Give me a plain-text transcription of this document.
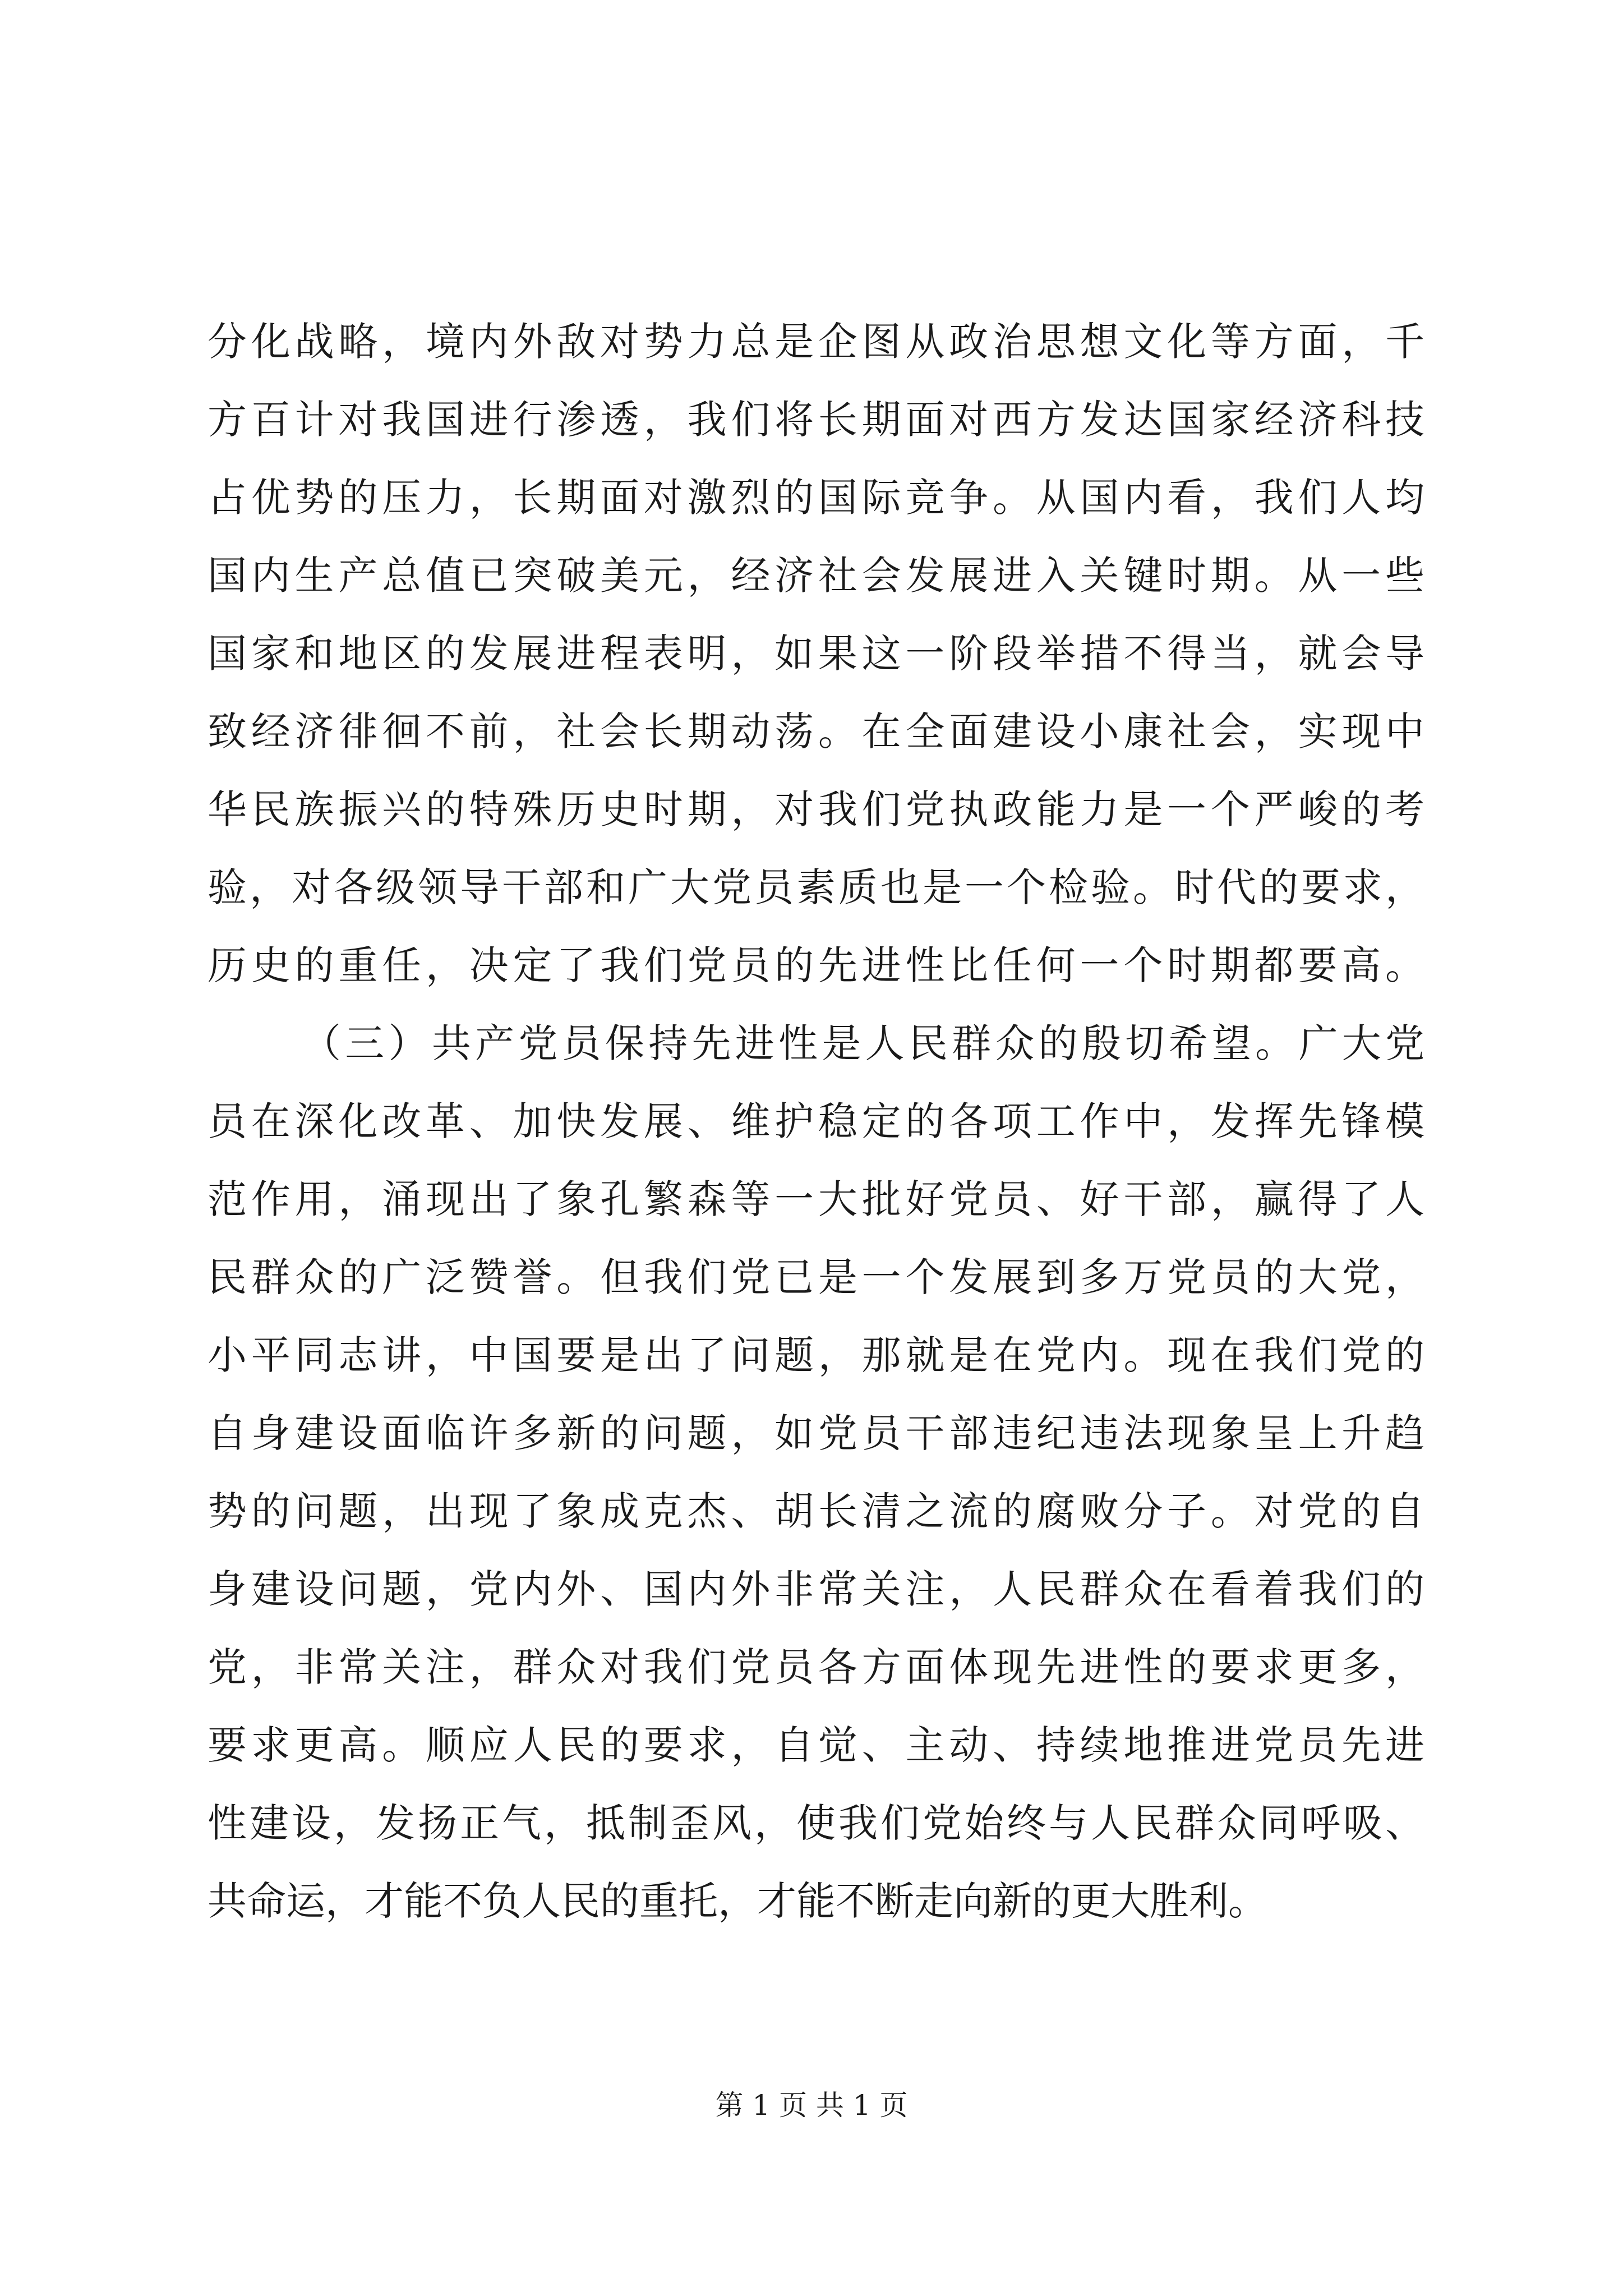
分化战略，境内外敌对势力总是企图从政治思想文化等方面，千
方百计对我国进行渗透，我们将长期面对西方发达国家经济科技
占优势的压力，长期面对激烈的国际竞争。从国内看，我们人均
国内生产总值已突破美元，经济社会发展进入关键时期。从一些
国家和地区的发展进程表明，如果这一阶段举措不得当，就会导
致经济徘徊不前，社会长期动荡。在全面建设小康社会，实现中
华民族振兴的特殊历史时期，对我们党执政能力是一个严峻的考
验，对各级领导干部和广大党员素质也是一个检验。时代的要求，
历史的重任，决定了我们党员的先进性比任何一个时期都要高。
（三）共产党员保持先进性是人民群众的殷切希望。广大党
员在深化改革、加快发展、维护稳定的各项工作中，发挥先锋模
范作用，涌现出了象孔繁森等一大批好党员、好干部，赢得了人
民群众的广泛赞誉。但我们党已是一个发展到多万党员的大党，
小平同志讲，中国要是出了问题，那就是在党内。现在我们党的
自身建设面临许多新的问题，如党员干部违纪违法现象呈上升趋
势的问题，出现了象成克杰、胡长清之流的腐败分子。对党的自
身建设问题，党内外、国内外非常关注，人民群众在看着我们的
党，非常关注，群众对我们党员各方面体现先进性的要求更多，
要求更高。顺应人民的要求，自觉、主动、持续地推进党员先进
性建设，发扬正气，抵制歪风，使我们党始终与人民群众同呼吸、
共命运，才能不负人民的重托，才能不断走向新的更大胜利。
第 1 页 共 1 页
